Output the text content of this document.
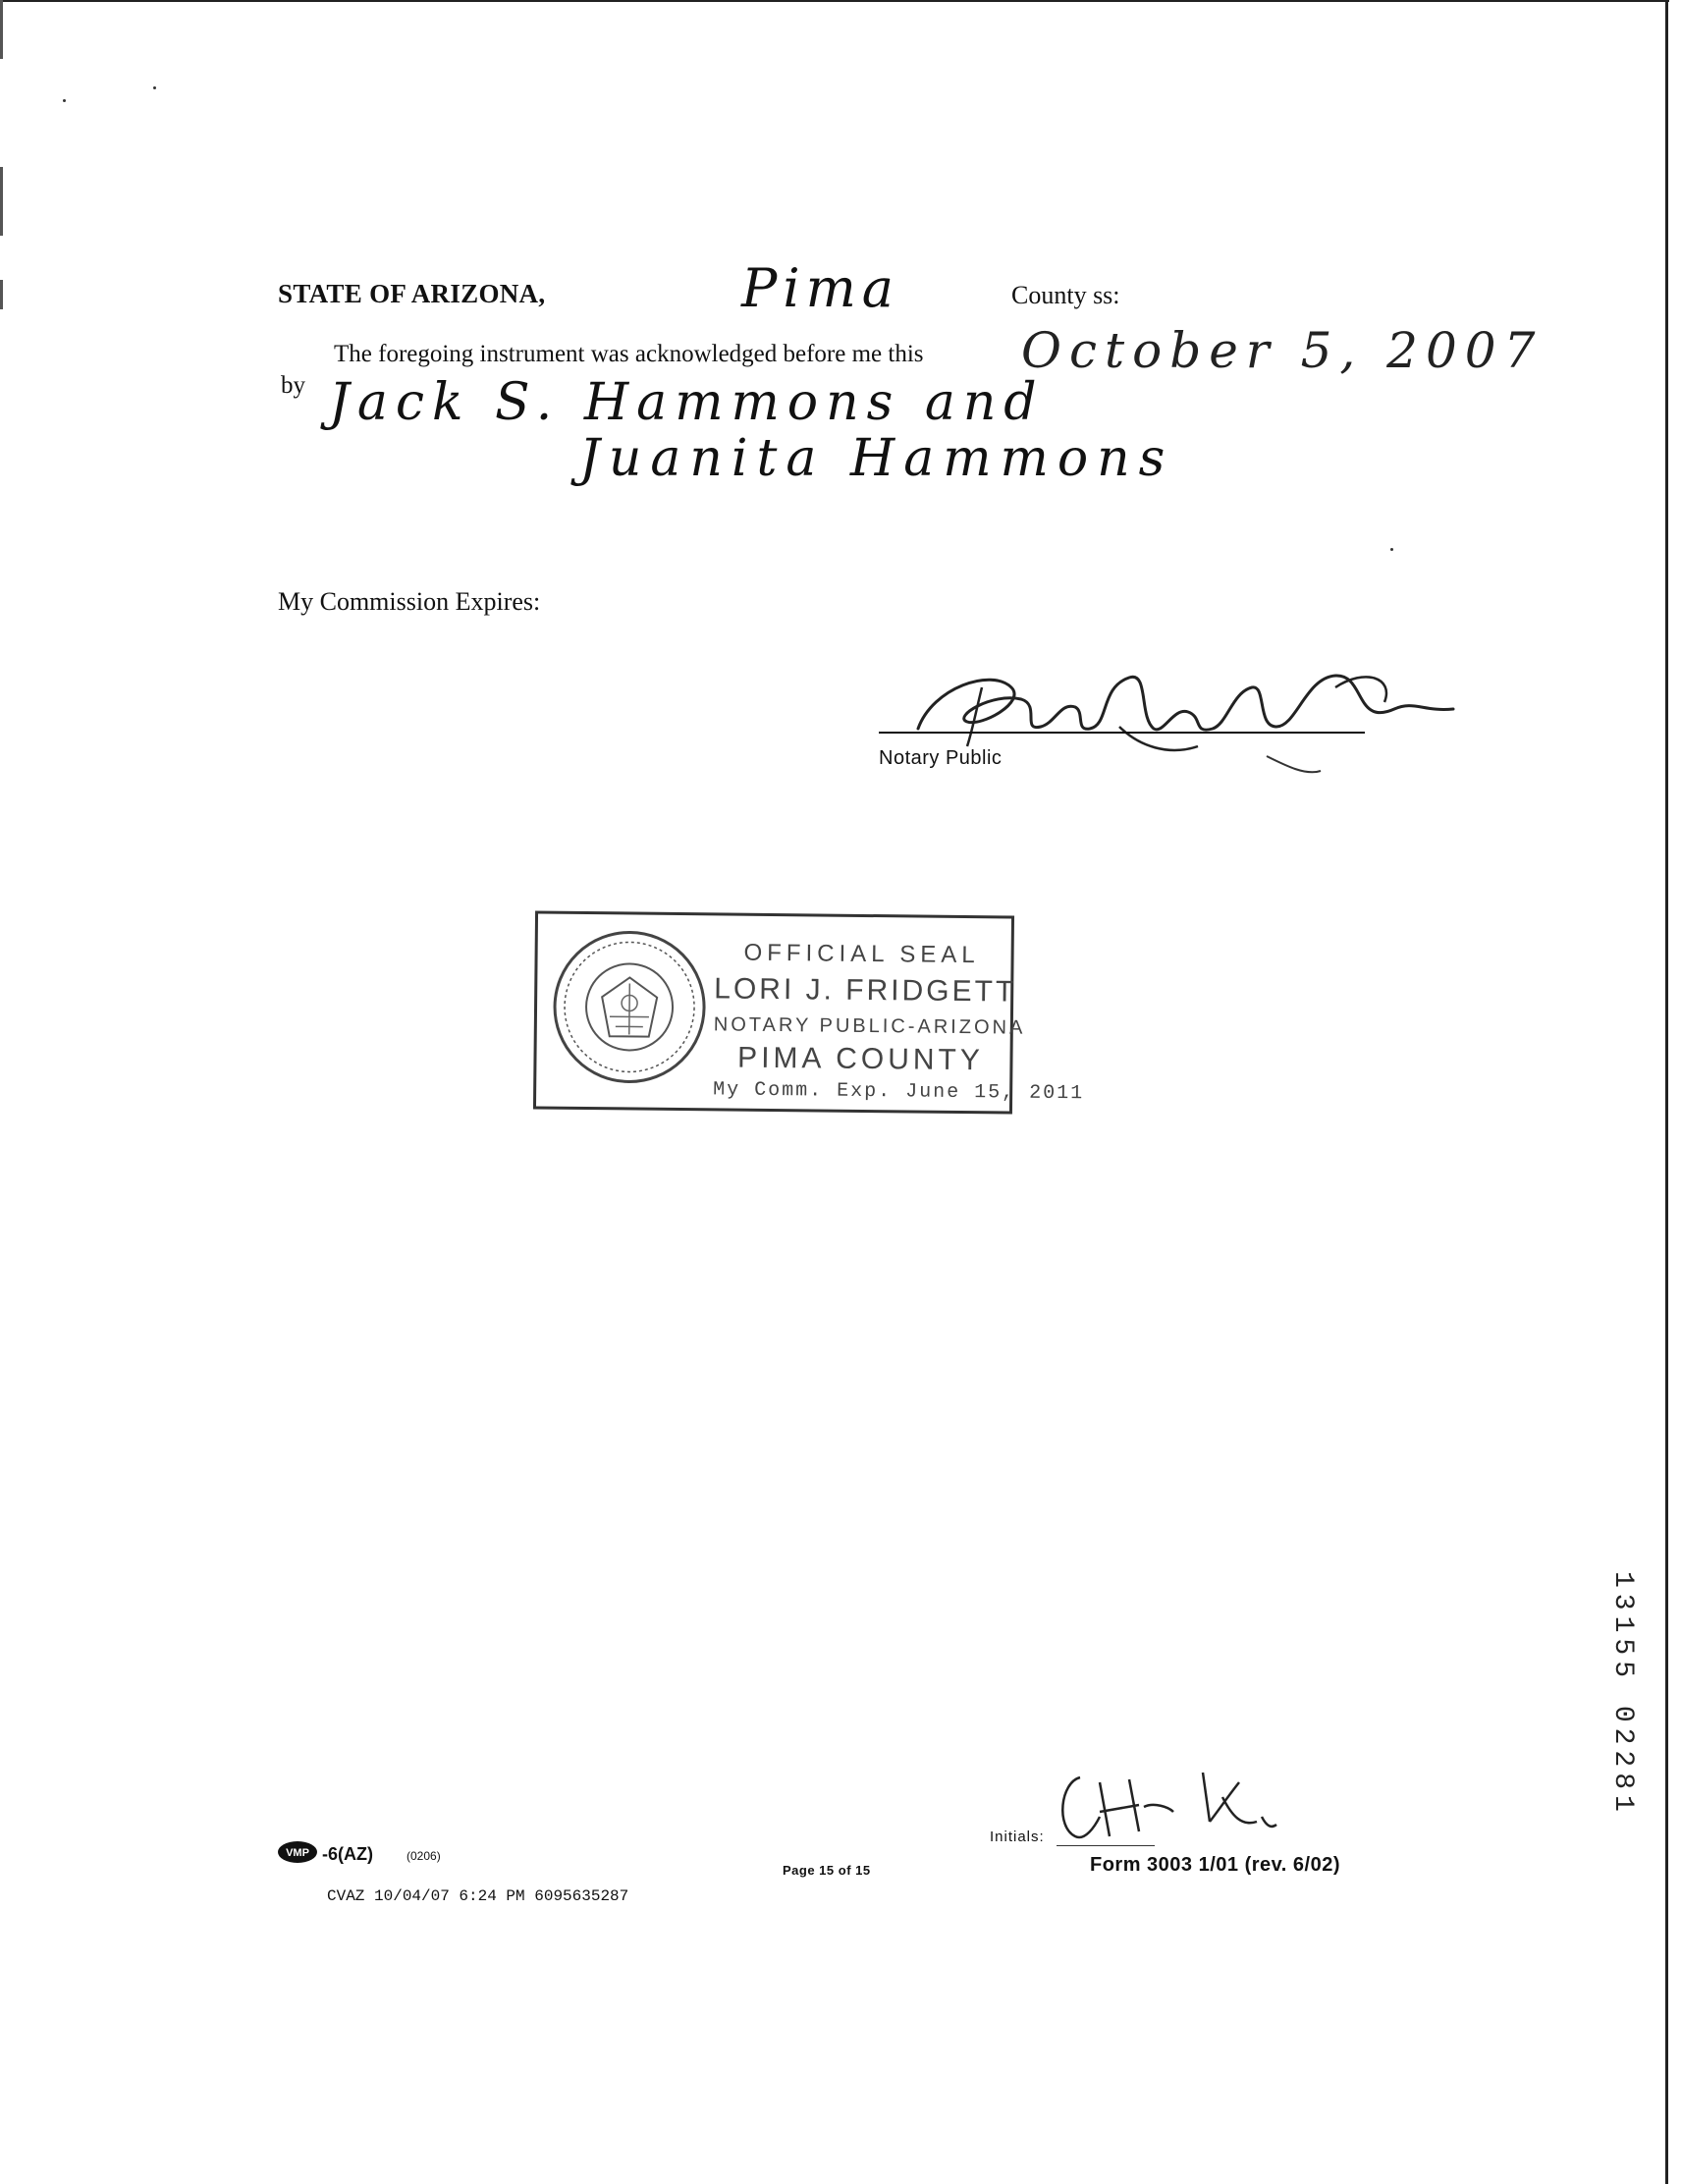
STATE OF ARIZONA,	Pima	County ss:
The foregoing instrument was acknowledged before me this October 5, 2007
by Jack S. Hammons and
Juanita Hammons
My Commission Expires:
Notary Public
OFFICIAL SEAL
LORI J. FRIDGETT
NOTARY PUBLIC-ARIZONA
PIMA COUNTY
My Comm. Exp. June 15, 2011
13155 02281
VMP -6(AZ)	(0206)
CVAZ 10/04/07 6:24 PM 6095635287
Page 15 of 15
Initials:
Form 3003 1/01 (rev. 6/02)
